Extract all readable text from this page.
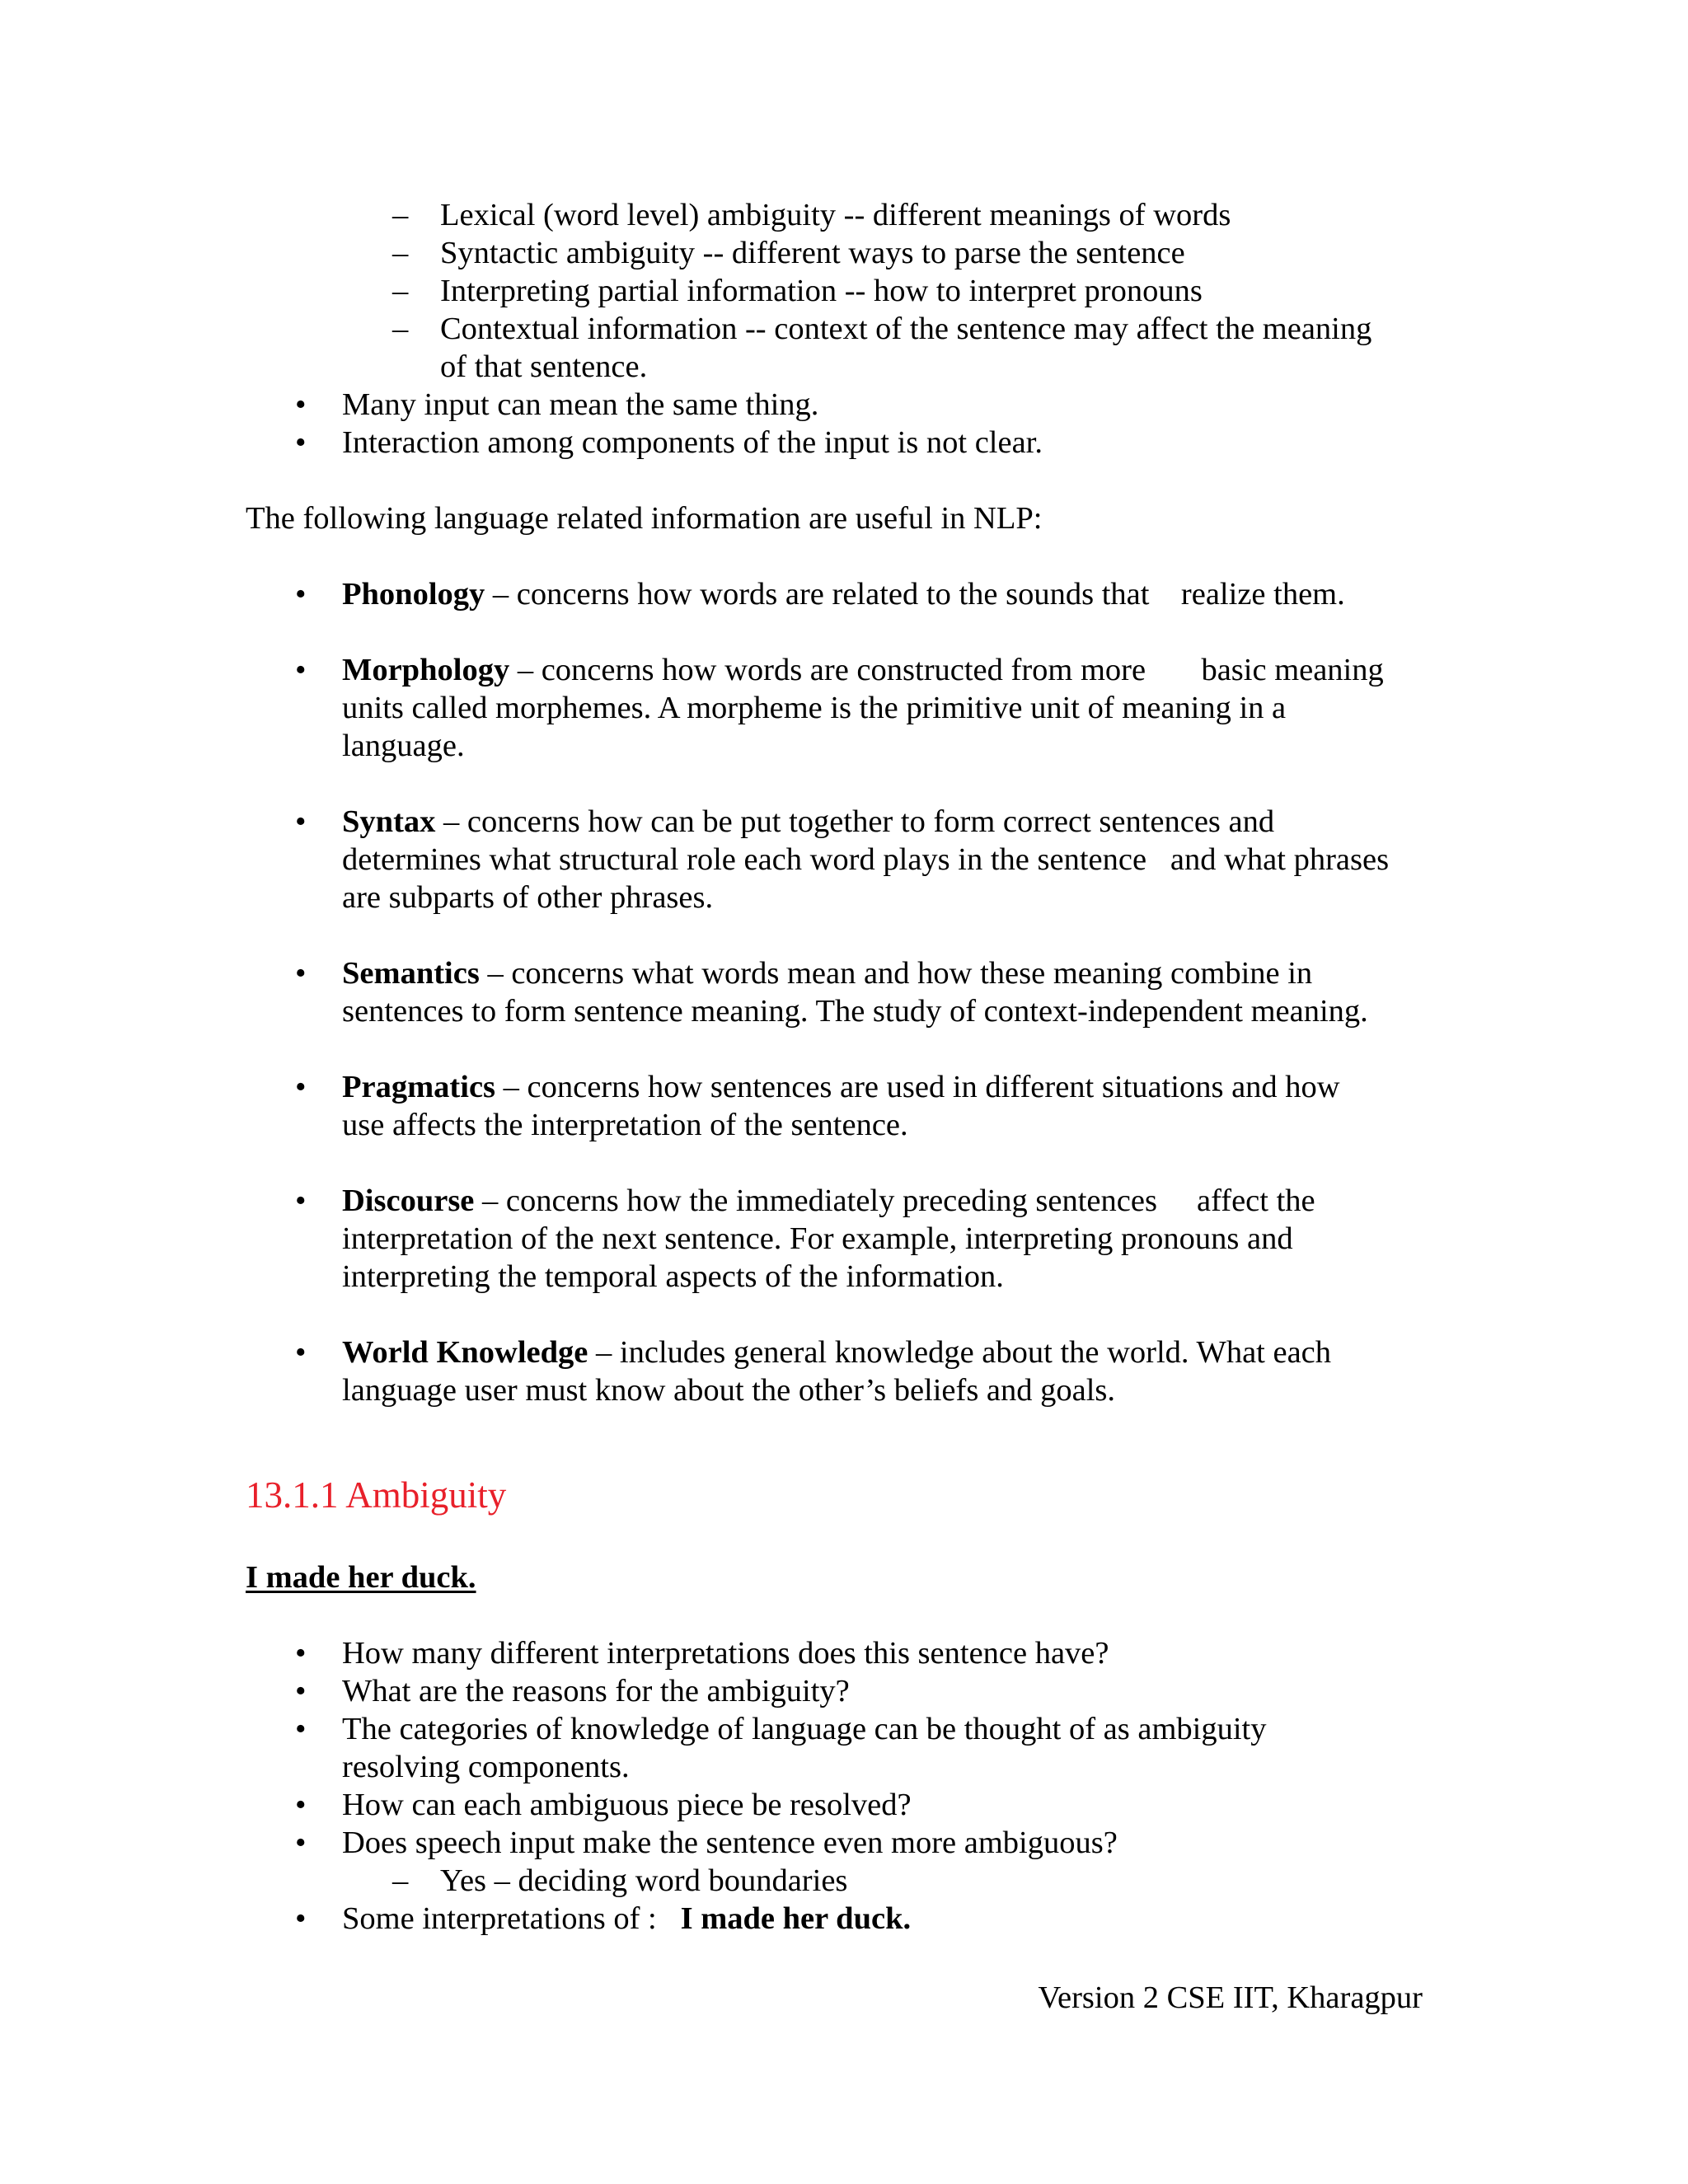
– Lexical (word level) ambiguity -- different meanings of words
– Syntactic ambiguity -- different ways to parse the sentence
– Interpreting partial information -- how to interpret pronouns
– Contextual information -- context of the sentence may affect the meaning
of that sentence.
• Many input can mean the same thing.
• Interaction among components of the input is not clear.
The following language related information are useful in NLP:
• Phonology – concerns how words are related to the sounds that    realize them.
• Morphology – concerns how words are constructed from more       basic meaning
units called morphemes. A morpheme is the primitive unit of meaning in a
language.
• Syntax – concerns how can be put together to form correct sentences and
determines what structural role each word plays in the sentence   and what phrases
are subparts of other phrases.
• Semantics – concerns what words mean and how these meaning combine in
sentences to form sentence meaning. The study of context-independent meaning.
• Pragmatics – concerns how sentences are used in different situations and how
use affects the interpretation of the sentence.
• Discourse – concerns how the immediately preceding sentences     affect the
interpretation of the next sentence. For example, interpreting pronouns and
interpreting the temporal aspects of the information.
• World Knowledge – includes general knowledge about the world. What each
language user must know about the other’s beliefs and goals.
13.1.1 Ambiguity
I made her duck.
• How many different interpretations does this sentence have?
• What are the reasons for the ambiguity?
• The categories of knowledge of language can be thought of as ambiguity
resolving components.
• How can each ambiguous piece be resolved?
• Does speech input make the sentence even more ambiguous?
– Yes – deciding word boundaries
• Some interpretations of :   I made her duck.
Version 2 CSE IIT, Kharagpur
